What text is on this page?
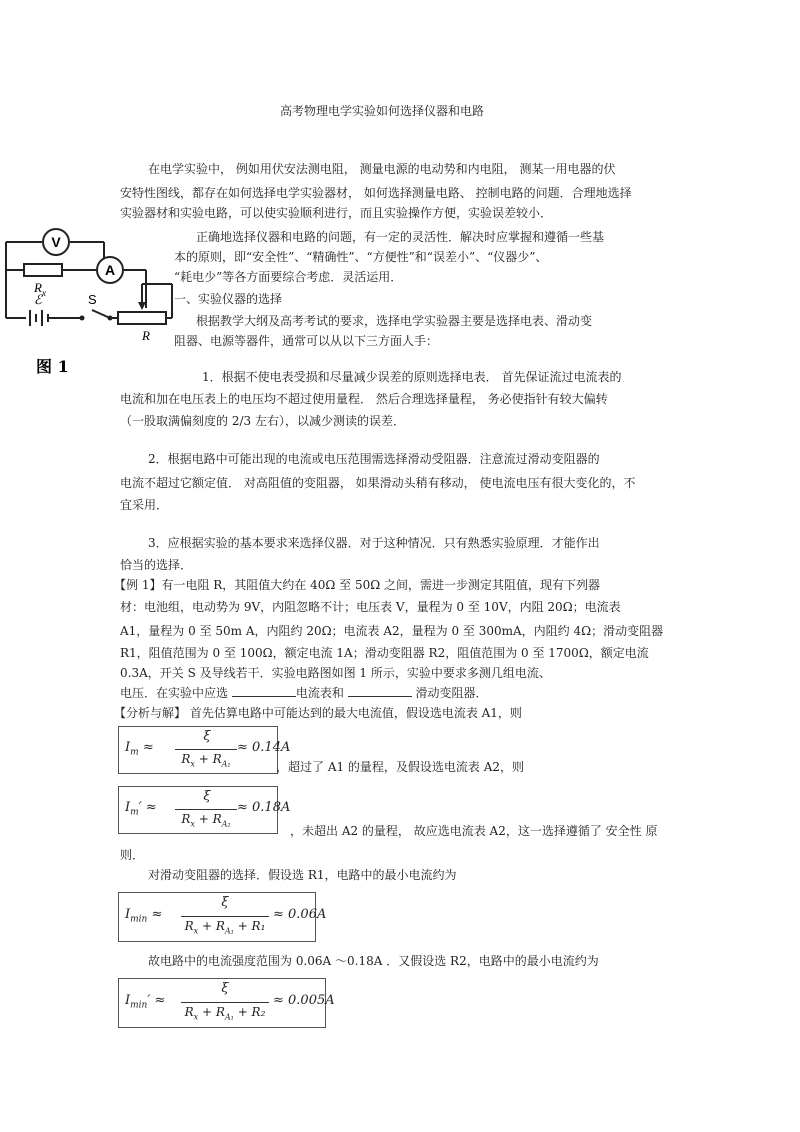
高考物理电学实验如何选择仪器和电路
在电学实验中， 例如用伏安法测电阻， 测量电源的电动势和内电阻， 测某一用电器的伏
安特性图线，都存在如何选择电学实验器材， 如何选择测量电路、 控制电路的问题．合理地选择
实验器材和实验电路，可以使实验顺利进行，而且实验操作方便，实验误差较小．
V
R x
A
ℰ	S
R
图 1
正确地选择仪器和电路的问题，有一定的灵活性．解决时应掌握和遵循一些基
本的原则，即“安全性”、“精确性”、“方便性”和“误差小”、“仪器少”、
“耗电少”等各方面要综合考虑．灵活运用．
一、实验仪器的选择
根据教学大纲及高考考试的要求，选择电学实验器主要是选择电表、滑动变
阻器、电源等器件，通常可以从以下三方面人手：
1．根据不使电表受损和尽量减少误差的原则选择电表． 首先保证流过电流表的
电流和加在电压表上的电压均不超过使用量程． 然后合理选择量程， 务必使指针有较大偏转
（一股取满偏刻度的 2/3 左右），以减少测读的误差．
2．根据电路中可能出现的电流或电压范围需选择滑动受阻器．注意流过滑动变阻器的
电流不超过它额定值． 对高阻值的变阻器， 如果滑动头稍有移动， 使电流电压有很大变化的，不
宜采用．
3．应根据实验的基本要求来选择仪器．对于这种情况．只有熟悉实验原理．才能作出
恰当的选择．
【例 1】有一电阻 R，其阻值大约在 40Ω 至 50Ω 之间，需进一步测定其阻值，现有下列器
材：电池组，电动势为 9V，内阻忽略不计；电压表 V，量程为 0 至 10V，内阻 20Ω；电流表
A1，量程为 0 至 50m A，内阻约 20Ω；电流表 A2，量程为 0 至 300mA，内阻约 4Ω；滑动变阻器
R1，阻值范围为 0 至 100Ω，额定电流 1A；滑动变阻器 R2，阻值范围为 0 至 1700Ω，额定电流
0.3A，开关 S 及导线若干．实验电路图如图 1 所示，实验中要求多测几组电流、
电压．在实验中应选	电流表和	滑动变阻器．
【分析与解】 首先估算电路中可能达到的最大电流值，假设选电流表 A1，则
$I_m$ ≈
ξ
$R_x + R_{A_1}$
≈ 0.14A
，超过了 A1 的量程，及假设选电流表 A2，则
$I_m'$ ≈
ξ
$R_x + R_{A_2}$
≈ 0.18A
，未超出 A2 的量程， 故应选电流表 A2，这一选择遵循了 安全性 原
则．
对滑动变阻器的选择．假设选 R1，电路中的最小电流约为
$I_{min}$ ≈
ξ
$R_x + R_{A_1} + R_1$
≈ 0.06A
故电路中的电流强度范围为 0.06A ～0.18A ．又假设选 R2，电路中的最小电流约为
$I_{min}'$ ≈
ξ
$R_x + R_{A_1} + R_2$
≈ 0.005A
